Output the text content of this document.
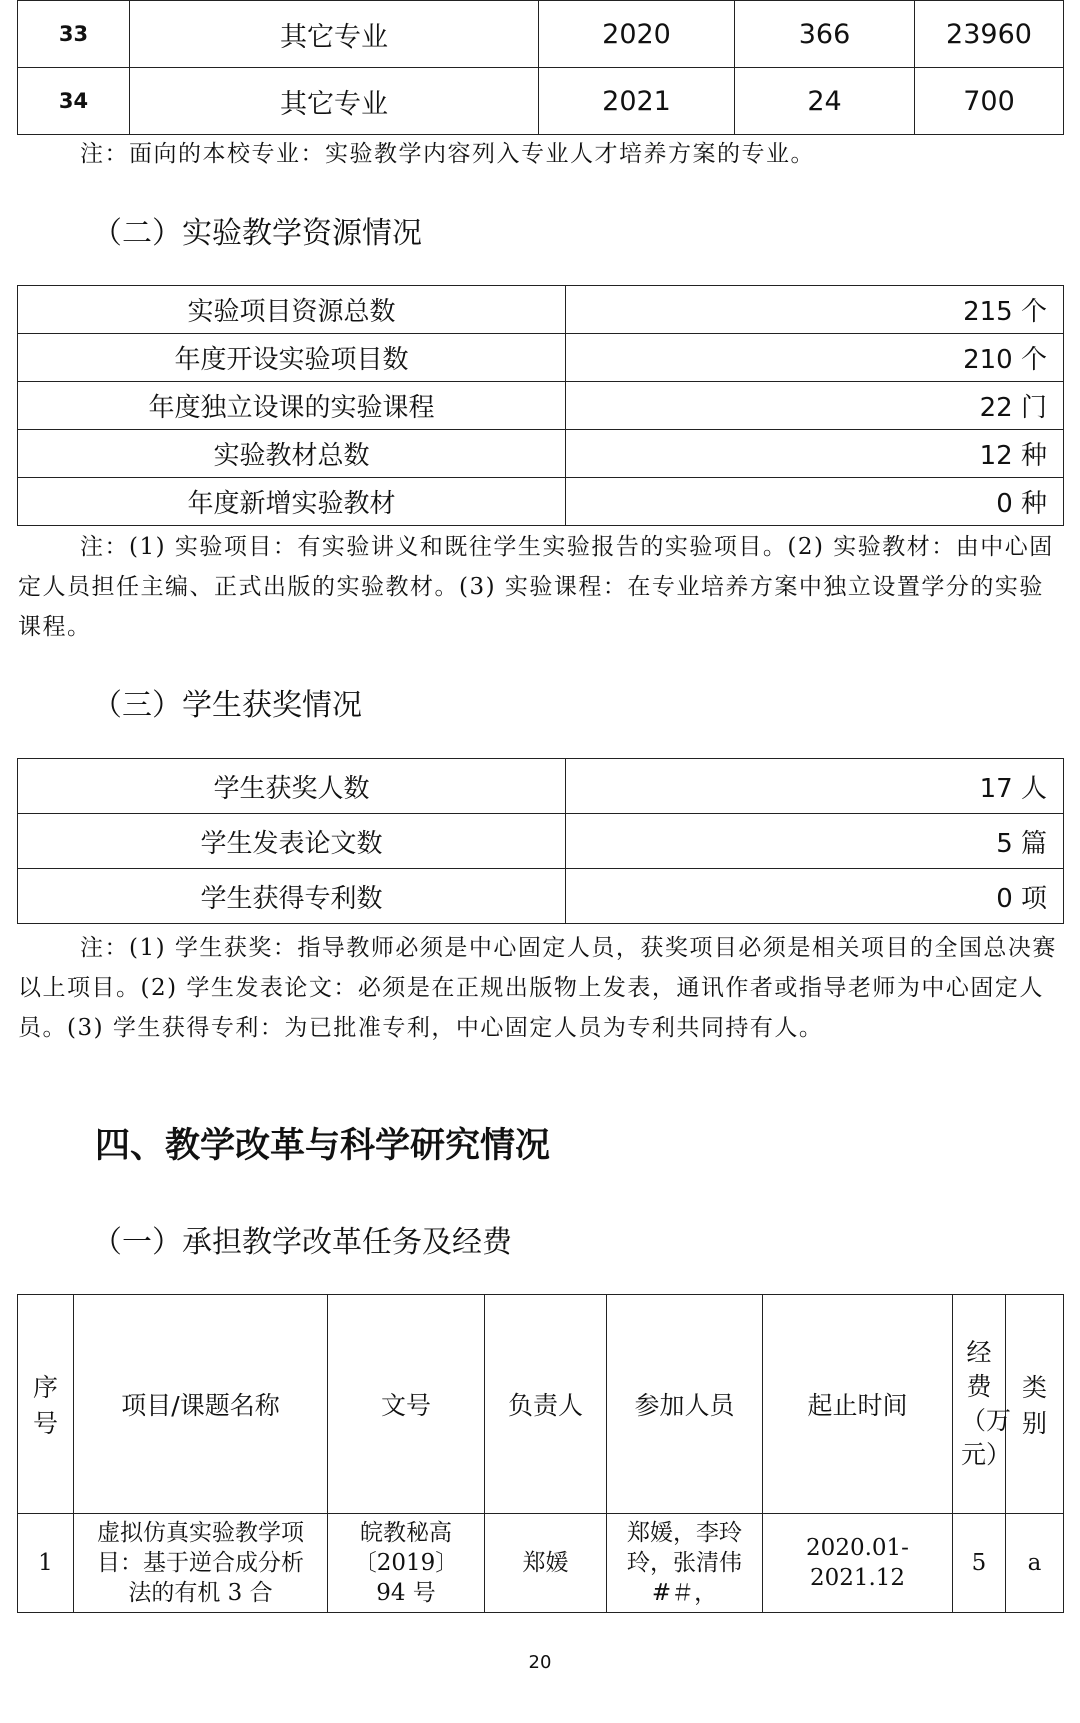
33	其它专业	2020	366	23960
34	其它专业	2021	24	700
注：面向的本校专业：实验教学内容列入专业人才培养方案的专业。
（二）实验教学资源情况
实验项目资源总数	215 个
年度开设实验项目数	210 个
年度独立设课的实验课程	22 门
实验教材总数	12 种
年度新增实验教材	0 种
注：(1) 实验项目：有实验讲义和既往学生实验报告的实验项目。(2) 实验教材：由中心固定人员担任主编、正式出版的实验教材。(3) 实验课程：在专业培养方案中独立设置学分的实验课程。
（三）学生获奖情况
学生获奖人数	17 人
学生发表论文数	5 篇
学生获得专利数	0 项
注：(1) 学生获奖：指导教师必须是中心固定人员，获奖项目必须是相关项目的全国总决赛以上项目。(2) 学生发表论文：必须是在正规出版物上发表，通讯作者或指导老师为中心固定人员。(3) 学生获得专利：为已批准专利，中心固定人员为专利共同持有人。
四、教学改革与科学研究情况
（一）承担教学改革任务及经费
序号	项目/课题名称	文号	负责人	参加人员	起止时间	经费（万元）	类别
1	虚拟仿真实验教学项目：基于逆合成分析法的有机 3 合	皖教秘高〔2019〕94 号	郑媛	郑媛，李玲玲，张清伟#＃，	2020.01-2021.12	5	a
20
